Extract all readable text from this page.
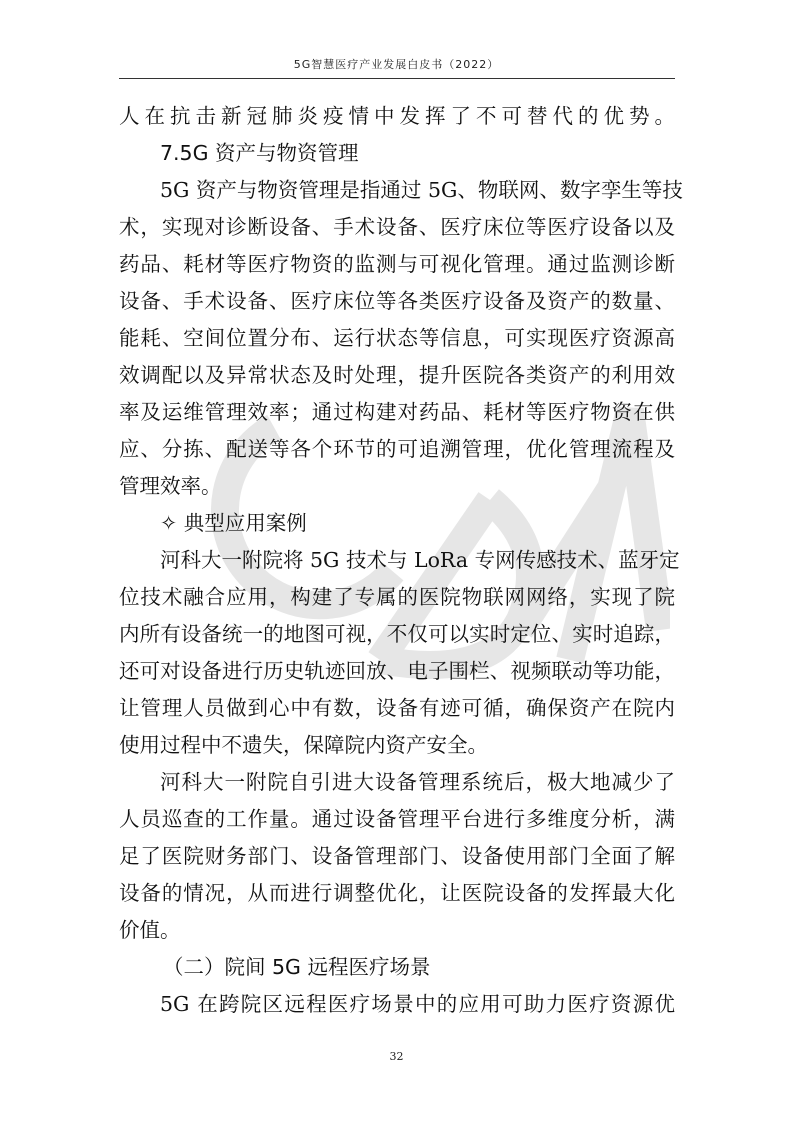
5G智慧医疗产业发展白皮书（2022）
人在抗击新冠肺炎疫情中发挥了不可替代的优势。
7.5G 资产与物资管理
5G 资产与物资管理是指通过 5G、物联网、数字孪生等技
术，实现对诊断设备、手术设备、医疗床位等医疗设备以及
药品、耗材等医疗物资的监测与可视化管理。通过监测诊断
设备、手术设备、医疗床位等各类医疗设备及资产的数量、
能耗、空间位置分布、运行状态等信息，可实现医疗资源高
效调配以及异常状态及时处理，提升医院各类资产的利用效
率及运维管理效率；通过构建对药品、耗材等医疗物资在供
应、分拣、配送等各个环节的可追溯管理，优化管理流程及
管理效率。
✧ 典型应用案例
河科大一附院将 5G 技术与 LoRa 专网传感技术、蓝牙定
位技术融合应用，构建了专属的医院物联网网络，实现了院
内所有设备统一的地图可视，不仅可以实时定位、实时追踪，
还可对设备进行历史轨迹回放、电子围栏、视频联动等功能，
让管理人员做到心中有数，设备有迹可循，确保资产在院内
使用过程中不遗失，保障院内资产安全。
河科大一附院自引进大设备管理系统后，极大地减少了
人员巡查的工作量。通过设备管理平台进行多维度分析，满
足了医院财务部门、设备管理部门、设备使用部门全面了解
设备的情况，从而进行调整优化，让医院设备的发挥最大化
价值。
（二）院间 5G 远程医疗场景
5G 在跨院区远程医疗场景中的应用可助力医疗资源优
32
